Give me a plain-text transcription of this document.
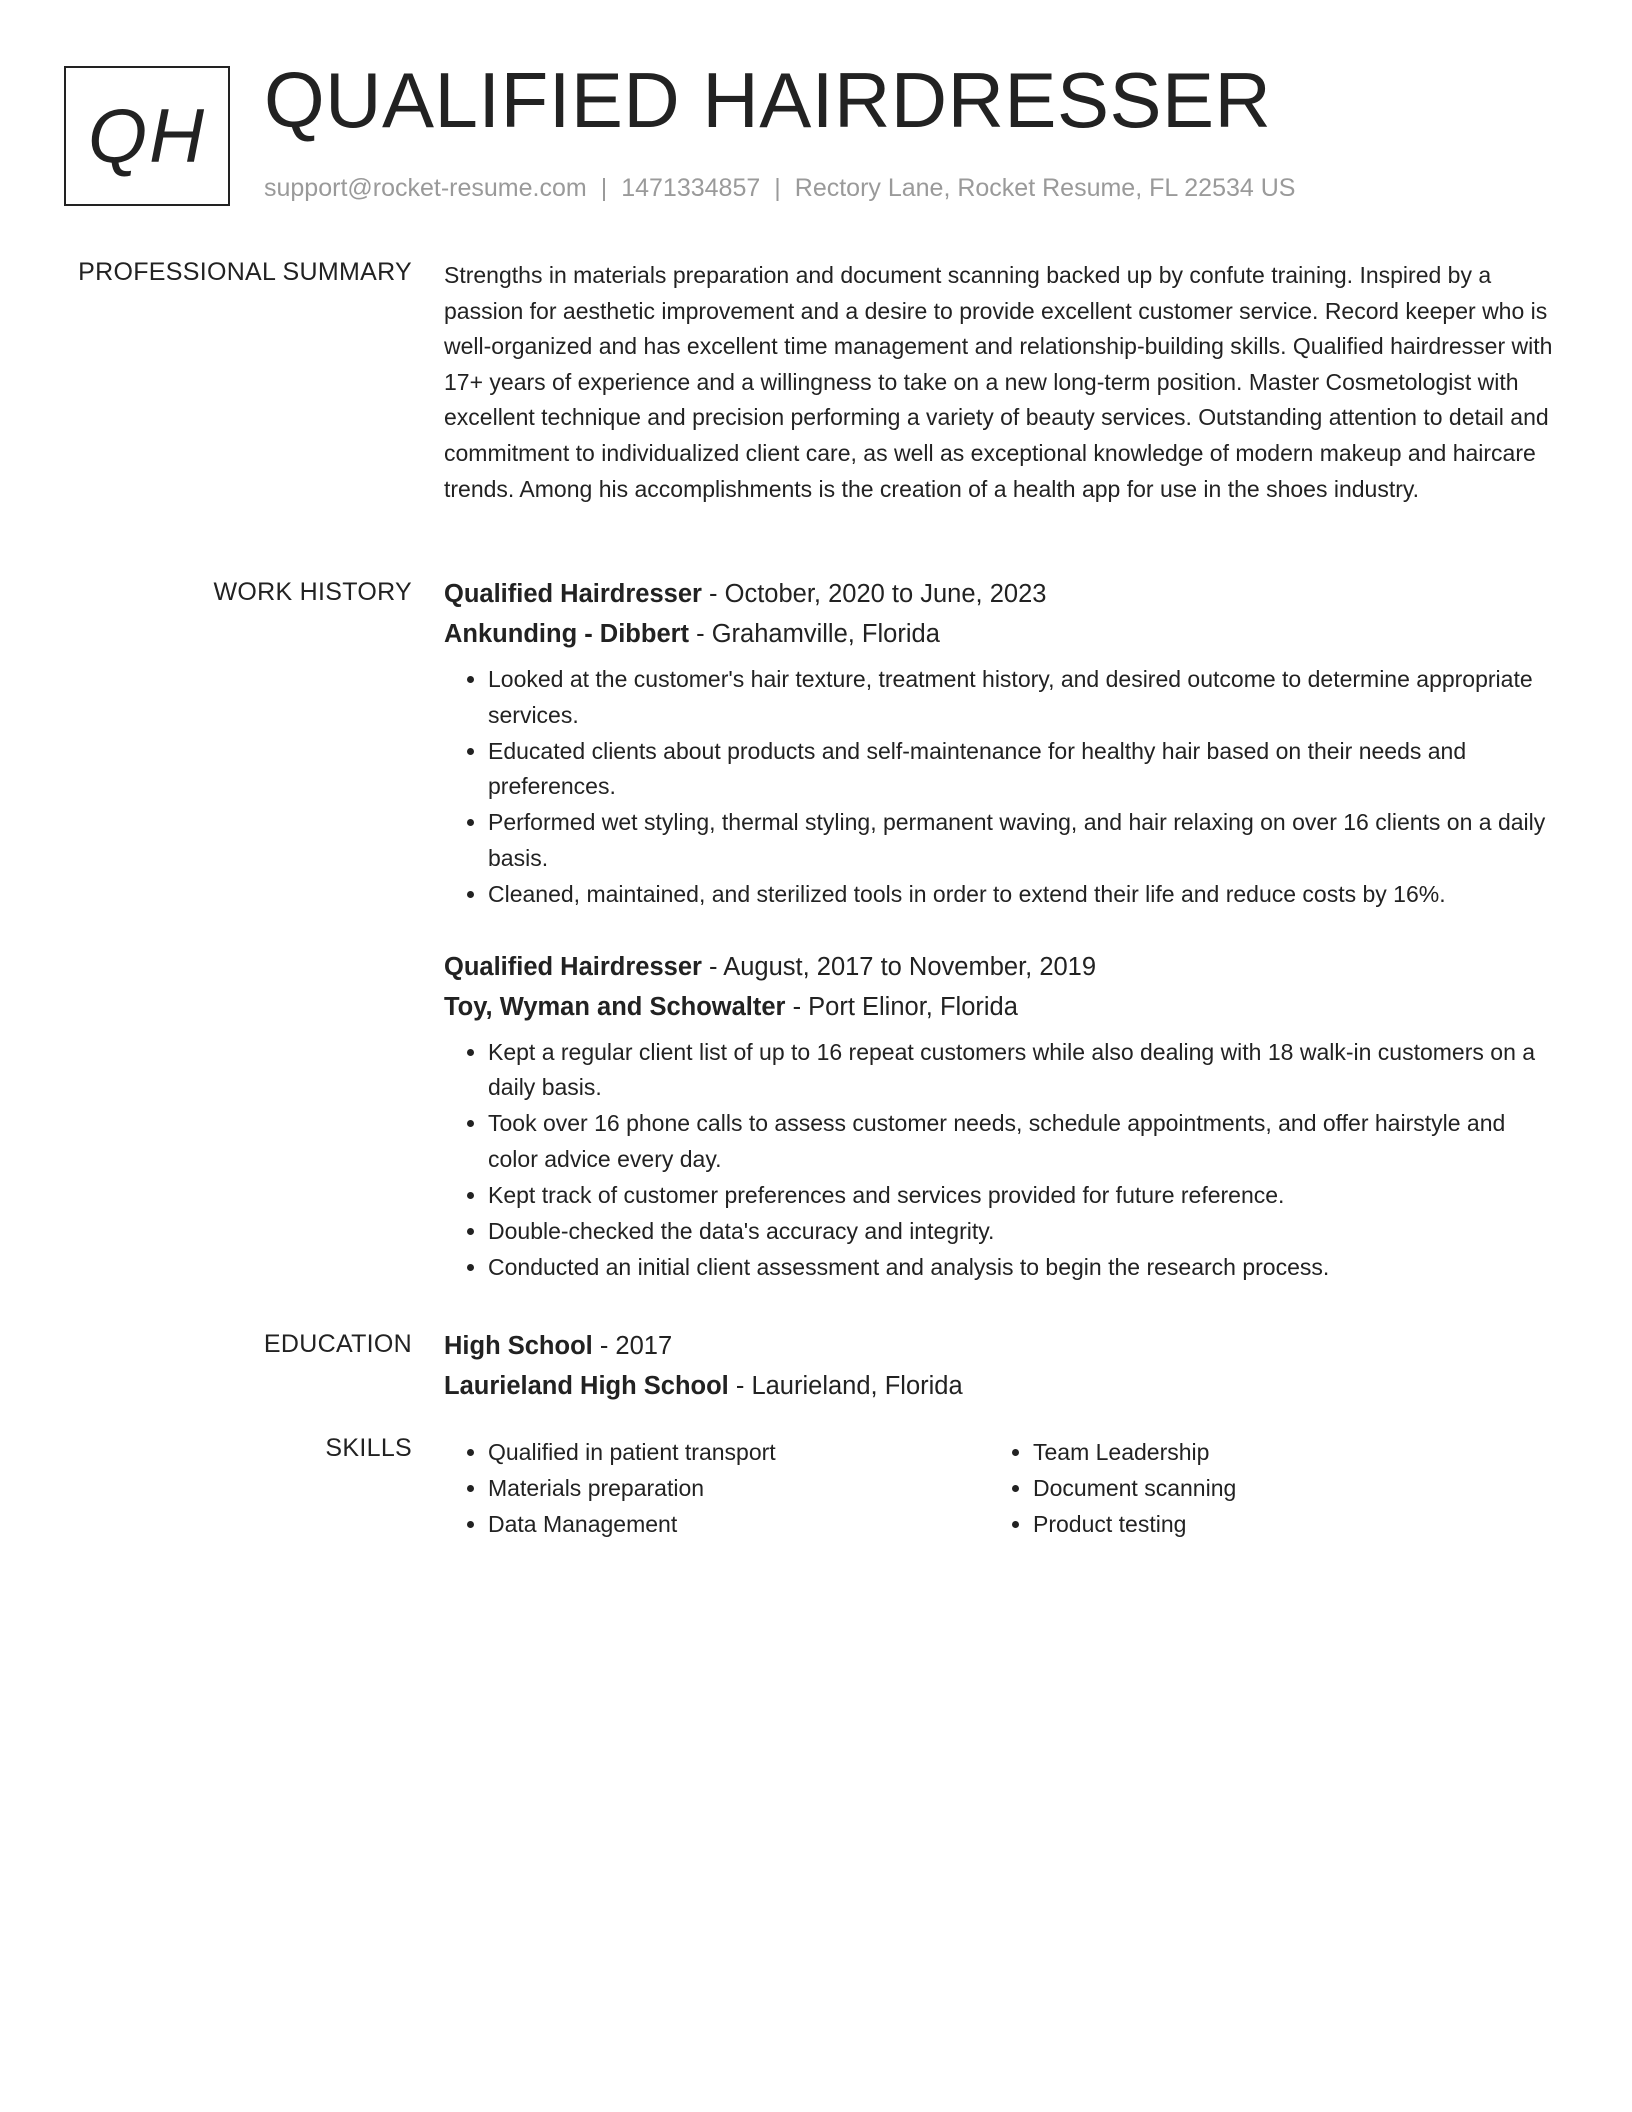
QH QUALIFIED HAIRDRESSER
support@rocket-resume.com | 1471334857 | Rectory Lane, Rocket Resume, FL 22534 US
PROFESSIONAL SUMMARY Strengths in materials preparation and document scanning backed up by confute training. Inspired by a passion for aesthetic improvement and a desire to provide excellent customer service. Record keeper who is well-organized and has excellent time management and relationship-building skills. Qualified hairdresser with 17+ years of experience and a willingness to take on a new long-term position. Master Cosmetologist with excellent technique and precision performing a variety of beauty services. Outstanding attention to detail and commitment to individualized client care, as well as exceptional knowledge of modern makeup and haircare trends. Among his accomplishments is the creation of a health app for use in the shoes industry.

WORK HISTORY Qualified Hairdresser - October, 2020 to June, 2023
Ankunding - Dibbert - Grahamville, Florida
• Looked at the customer's hair texture, treatment history, and desired outcome to determine appropriate services.
• Educated clients about products and self-maintenance for healthy hair based on their needs and preferences.
• Performed wet styling, thermal styling, permanent waving, and hair relaxing on over 16 clients on a daily basis.
• Cleaned, maintained, and sterilized tools in order to extend their life and reduce costs by 16%.
Qualified Hairdresser - August, 2017 to November, 2019
Toy, Wyman and Schowalter - Port Elinor, Florida
• Kept a regular client list of up to 16 repeat customers while also dealing with 18 walk-in customers on a daily basis.
• Took over 16 phone calls to assess customer needs, schedule appointments, and offer hairstyle and color advice every day.
• Kept track of customer preferences and services provided for future reference.
• Double-checked the data's accuracy and integrity.
• Conducted an initial client assessment and analysis to begin the research process.
EDUCATION High School - 2017
Laurieland High School - Laurieland, Florida
SKILLS
•	Qualified in patient transport
• Materials preparation
• Data Management
• Team Leadership
• Document scanning
• Product testing
